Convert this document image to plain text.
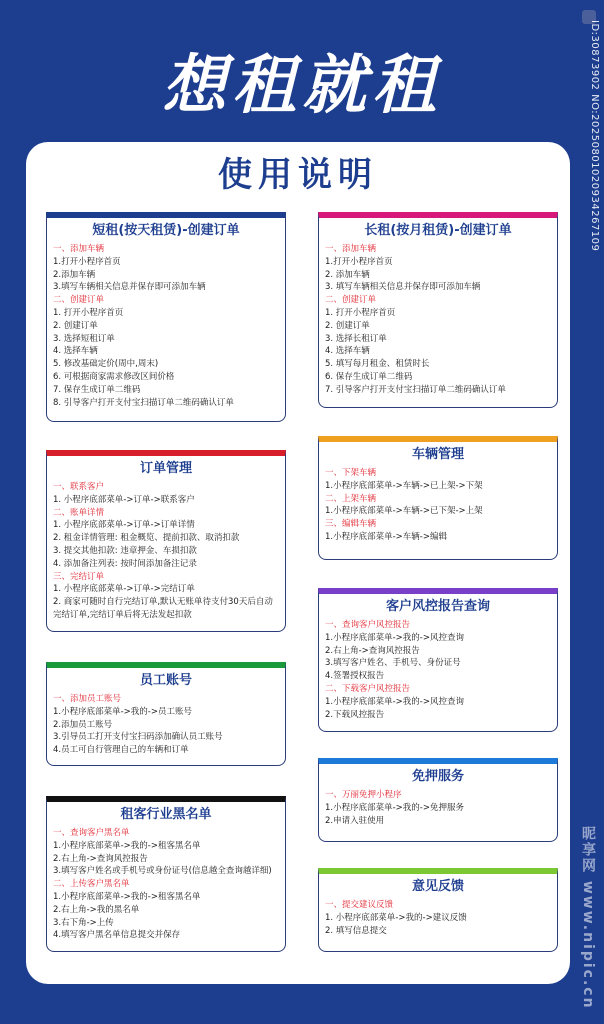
想租就租	ID:30873902 NO:20250801020934267109
使用说明
短租(按天租赁)-创建订单
一、添加车辆
1.打开小程序首页
2.添加车辆
3.填写车辆相关信息并保存即可添加车辆
二、创建订单
1. 打开小程序首页
2. 创建订单
3. 选择短租订单
4. 选择车辆
5. 修改基础定价(周中,周末)
6. 可根据商家需求修改区间价格
7. 保存生成订单二维码
8. 引导客户打开支付宝扫描订单二维码确认订单
长租(按月租赁)-创建订单
一、添加车辆
1.打开小程序首页
2. 添加车辆
3. 填写车辆相关信息并保存即可添加车辆
二、创建订单
1. 打开小程序首页
2. 创建订单
3. 选择长租订单
4. 选择车辆
5. 填写每月租金、租赁时长
6. 保存生成订单二维码
7. 引导客户打开支付宝扫描订单二维码确认订单
订单管理
一、联系客户
1. 小程序底部菜单->订单->联系客户
二、账单详情
1. 小程序底部菜单->订单->订单详情
2. 租金详情管理: 租金概览、提前扣款、取消扣款
3. 提交其他扣款: 违章押金、车损扣款
4. 添加备注列表: 按时间添加备注记录
三、完结订单
1. 小程序底部菜单->订单->完结订单
2. 商家可随时自行完结订单,默认无账单待支付30天后自动完结订单,完结订单后将无法发起扣款
车辆管理
一、下架车辆
1.小程序底部菜单->车辆->已上架->下架
二、上架车辆
1.小程序底部菜单->车辆->已下架->上架
三、编辑车辆
1.小程序底部菜单->车辆->编辑
员工账号
一、添加员工账号
1.小程序底部菜单->我的->员工账号
2.添加员工账号
3.引导员工打开支付宝扫码添加确认员工账号
4.员工可自行管理自己的车辆和订单
客户风控报告查询
一、查询客户风控报告
1.小程序底部菜单->我的->风控查询
2.右上角->查询风控报告
3.填写客户姓名、手机号、身份证号
4.签署授权报告
二、下载客户风控报告
1.小程序底部菜单->我的->风控查询
2.下载风控报告
免押服务
一、万丽免押小程序
1.小程序底部菜单->我的->免押服务
2.申请入驻使用
租客行业黑名单
一、查询客户黑名单
1.小程序底部菜单->我的->租客黑名单
2.右上角->查询风控报告
3.填写客户姓名或手机号或身份证号(信息越全查询越详细)
二、上传客户黑名单
1.小程序底部菜单->我的->租客黑名单
2.右上角->我的黑名单
3.右下角->上传
4.填写客户黑名单信息提交并保存
意见反馈
一、提交建议反馈
1. 小程序底部菜单->我的->建议反馈
2. 填写信息提交	昵享网 www.nipic.cn
